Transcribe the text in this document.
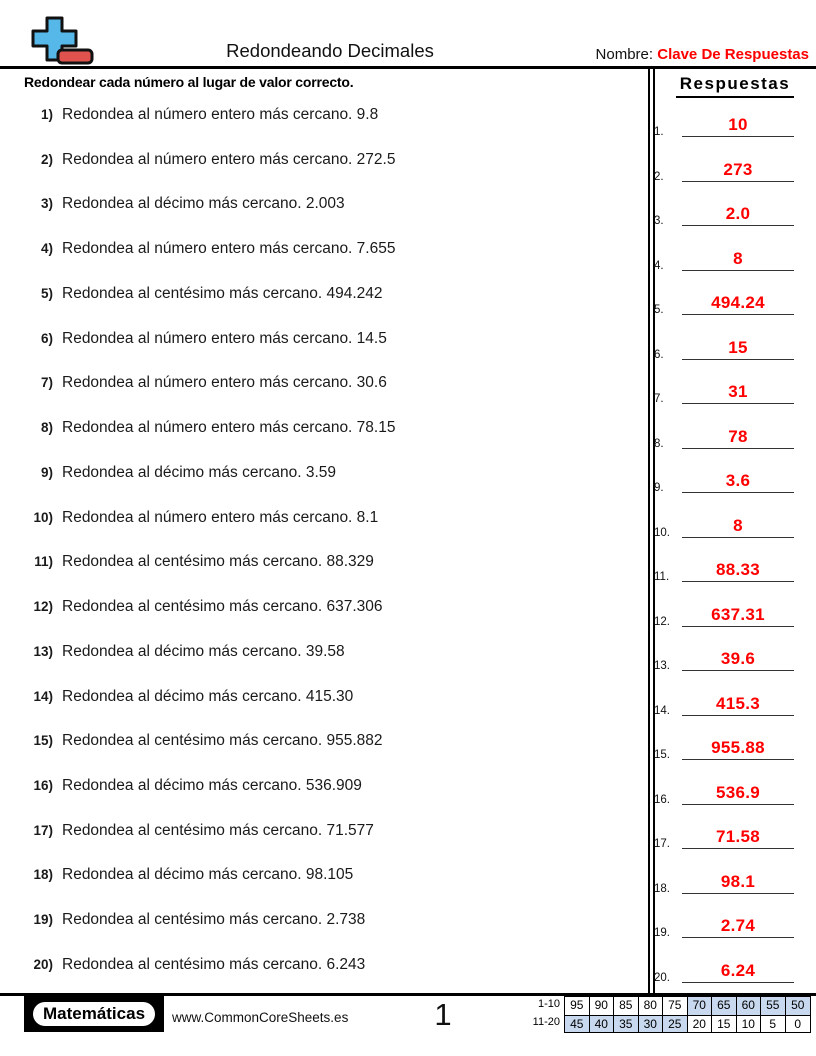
Redondeando Decimales	Nombre: Clave De Respuestas
Redondear cada número al lugar de valor correcto.
1) Redondea al número entero más cercano. 9.8
2) Redondea al número entero más cercano. 272.5
3) Redondea al décimo más cercano. 2.003
4) Redondea al número entero más cercano. 7.655
5) Redondea al centésimo más cercano. 494.242
6) Redondea al número entero más cercano. 14.5
7) Redondea al número entero más cercano. 30.6
8) Redondea al número entero más cercano. 78.15
9) Redondea al décimo más cercano. 3.59
10) Redondea al número entero más cercano. 8.1
11) Redondea al centésimo más cercano. 88.329
12) Redondea al centésimo más cercano. 637.306
13) Redondea al décimo más cercano. 39.58
14) Redondea al décimo más cercano. 415.30
15) Redondea al centésimo más cercano. 955.882
16) Redondea al décimo más cercano. 536.909
17) Redondea al centésimo más cercano. 71.577
18) Redondea al décimo más cercano. 98.105
19) Redondea al centésimo más cercano. 2.738
20) Redondea al centésimo más cercano. 6.243
Respuestas
1.	10
2.	273
3.	2.0
4.	8
5.	494.24
6.	15
7.	31
8.	78
9.	3.6
10.	8
11.	88.33
12.	637.31
13.	39.6
14.	415.3
15.	955.88
16.	536.9
17.	71.58
18.	98.1
19.	2.74
20.	6.24
Matemáticas	www.CommonCoreSheets.es	1	1-10
11-20
95 90 85 80 75 70 65 60 55 50
45 40 35 30 25 20 15 10	5	0
